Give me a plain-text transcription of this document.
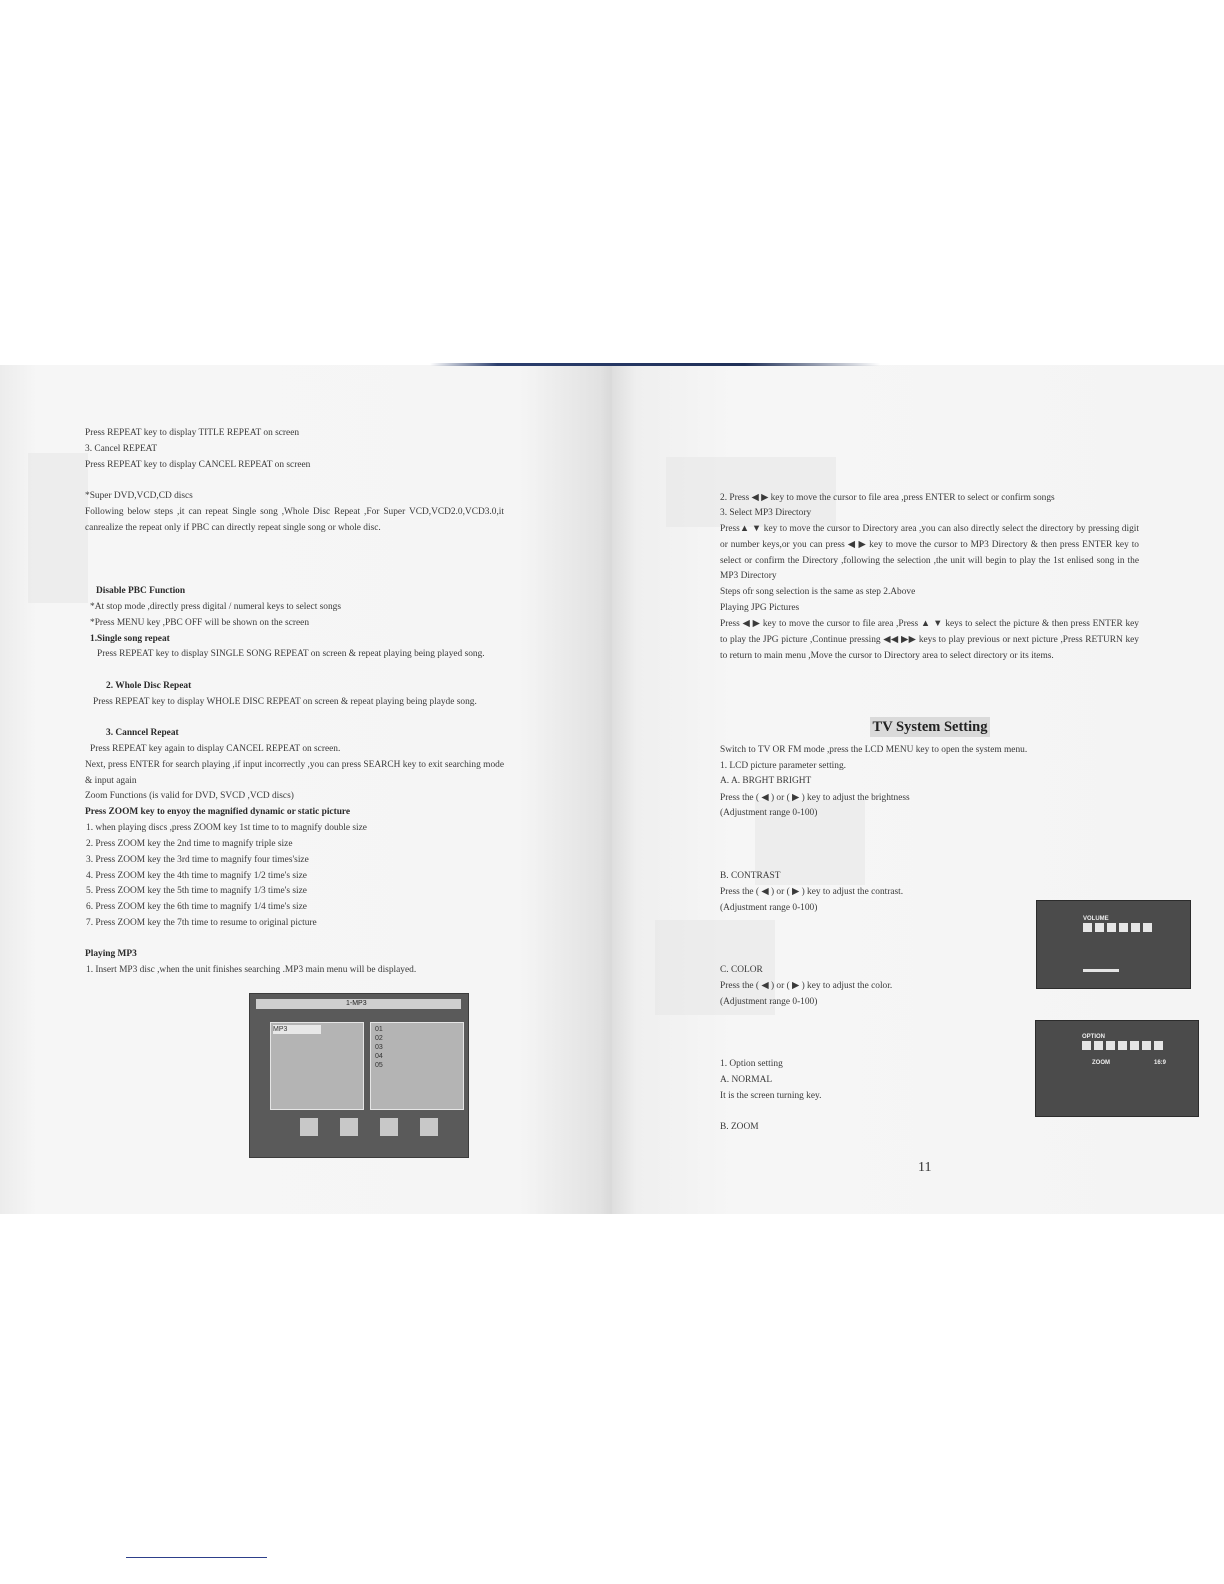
Press REPEAT key to display TITLE REPEAT on screen
3. Cancel REPEAT
Press REPEAT key to display CANCEL REPEAT on screen
*Super DVD,VCD,CD discs
Following below steps ,it can repeat Single song ,Whole Disc Repeat ,For Super VCD,VCD2.0,VCD3.0,it canrealize the repeat only if PBC can directly repeat single song or whole disc.
Disable PBC Function
*At stop mode ,directly press digital / numeral keys to select songs
*Press MENU key ,PBC OFF will be shown on the screen
1.Single song repeat
Press REPEAT key to display SINGLE SONG REPEAT on screen & repeat playing being played song.
2. Whole Disc Repeat
Press REPEAT key to display WHOLE DISC REPEAT on screen & repeat playing being playde song.
3. Canncel Repeat
Press REPEAT key again to display CANCEL REPEAT on screen.
Next, press ENTER for search playing ,if input incorrectly ,you can press SEARCH key to exit searching mode & input again
Zoom Functions (is valid for DVD, SVCD ,VCD discs)
Press ZOOM key to enyoy the magnified dynamic or static picture
1. when playing discs ,press ZOOM key 1st time to to magnify double size
2. Press ZOOM key the 2nd time to magnify triple size
3. Press ZOOM key the 3rd time to magnify four times'size
4. Press ZOOM key the 4th time to magnify 1/2 time's size
5. Press ZOOM key the 5th time to magnify 1/3 time's size
6. Press ZOOM key the 6th time to magnify 1/4 time's size
7. Press ZOOM key the 7th time to resume to original picture
Playing MP3
1. Insert MP3 disc ,when the unit finishes searching .MP3 main menu will be displayed.
1-MP3
MP3	01
02
03
04
05
2. Press ◀ ▶ key to move the cursor to file area ,press ENTER to select or confirm songs
3. Select MP3 Directory
Press▲ ▼ key to move the cursor to Directory area ,you can also directly select the directory by pressing digit or number keys,or you can press ◀ ▶ key to move the cursor to MP3 Directory & then press ENTER key to select or confirm the Directory ,following the selection ,the unit will begin to play the 1st enlised song in the MP3 Directory
Steps ofr song selection is the same as step 2.Above
Playing JPG Pictures
Press ◀ ▶ key to move the cursor to file area ,Press ▲ ▼ keys to select the picture & then press ENTER key to play the JPG picture ,Continue pressing ◀◀ ▶▶ keys to play previous or next picture ,Press RETURN key to return to main menu ,Move the cursor to Directory area to select directory or its items.
TV System Setting
Switch to TV OR FM mode ,press the LCD MENU key to open the system menu.
1. LCD picture parameter setting.
A. A. BRGHT BRIGHT
Press the ( ◀ ) or ( ▶ ) key to adjust the brightness
(Adjustment range 0-100)
B. CONTRAST
Press the ( ◀ ) or ( ▶ ) key to adjust the contrast.
(Adjustment range 0-100)
C. COLOR
Press the ( ◀ ) or ( ▶ ) key to adjust the color.
(Adjustment range 0-100)
1. Option setting
A. NORMAL
It is the screen turning key.
B. ZOOM
11
VOLUME
OPTION
ZOOM	16:9
